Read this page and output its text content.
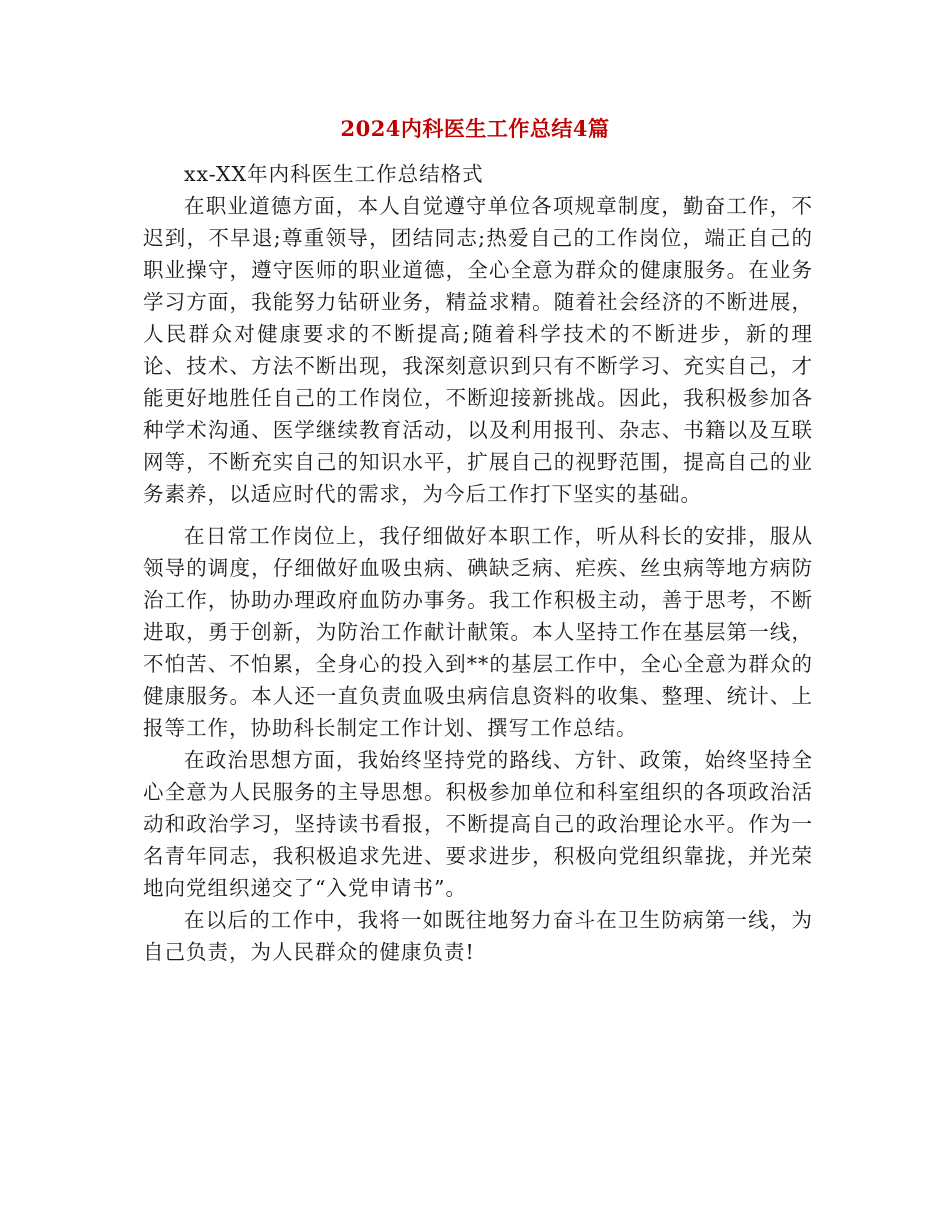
2024内科医生工作总结4篇

xx-XX年内科医生工作总结格式

在职业道德方面，本人自觉遵守单位各项规章制度，勤奋工作，不迟到，不早退;尊重领导，团结同志;热爱自己的工作岗位，端正自己的职业操守，遵守医师的职业道德，全心全意为群众的健康服务。在业务学习方面，我能努力钻研业务，精益求精。随着社会经济的不断进展，人民群众对健康要求的不断提高;随着科学技术的不断进步，新的理论、技术、方法不断出现，我深刻意识到只有不断学习、充实自己，才能更好地胜任自己的工作岗位，不断迎接新挑战。因此，我积极参加各种学术沟通、医学继续教育活动，以及利用报刊、杂志、书籍以及互联网等，不断充实自己的知识水平，扩展自己的视野范围，提高自己的业务素养，以适应时代的需求，为今后工作打下坚实的基础。

在日常工作岗位上，我仔细做好本职工作，听从科长的安排，服从领导的调度，仔细做好血吸虫病、碘缺乏病、疟疾、丝虫病等地方病防治工作，协助办理政府血防办事务。我工作积极主动，善于思考，不断进取，勇于创新，为防治工作献计献策。本人坚持工作在基层第一线，不怕苦、不怕累，全身心的投入到**的基层工作中，全心全意为群众的健康服务。本人还一直负责血吸虫病信息资料的收集、整理、统计、上报等工作，协助科长制定工作计划、撰写工作总结。

在政治思想方面，我始终坚持党的路线、方针、政策，始终坚持全心全意为人民服务的主导思想。积极参加单位和科室组织的各项政治活动和政治学习，坚持读书看报，不断提高自己的政治理论水平。作为一名青年同志，我积极追求先进、要求进步，积极向党组织靠拢，并光荣地向党组织递交了“入党申请书”。

在以后的工作中，我将一如既往地努力奋斗在卫生防病第一线，为自己负责，为人民群众的健康负责!
